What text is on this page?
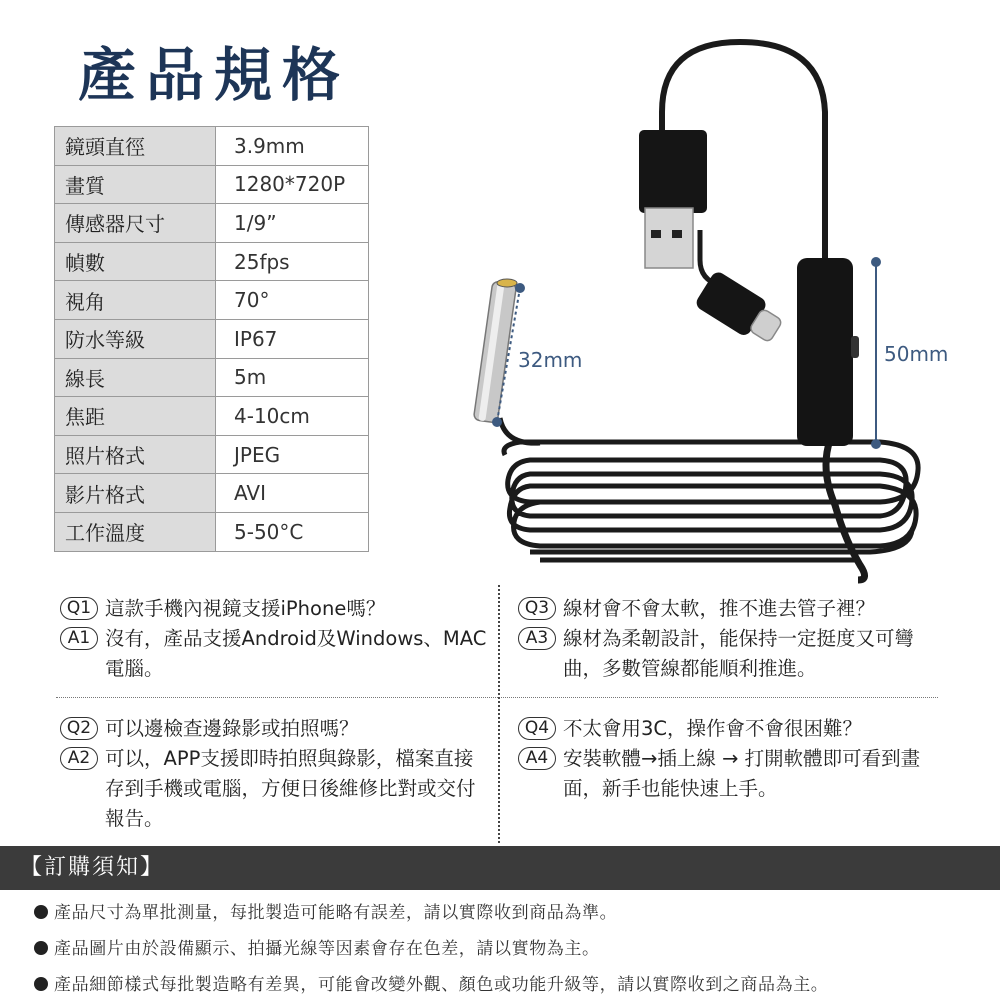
產品規格
鏡頭直徑	3.9mm
畫質	1280*720P
傳感器尺寸	1/9”
幀數	25fps
視角	70°
防水等級	IP67
線長	5m
焦距	4-10cm
照片格式	JPEG
影片格式	AVI
工作溫度	5-50°C
32mm	50mm
Q1 這款手機內視鏡支援iPhone嗎？
A1 沒有，產品支援Android及Windows、MAC電腦。
Q3 線材會不會太軟，推不進去管子裡？
A3 線材為柔韌設計，能保持一定挺度又可彎曲，多數管線都能順利推進。
Q2 可以邊檢查邊錄影或拍照嗎？
A2 可以，APP支援即時拍照與錄影，檔案直接存到手機或電腦，方便日後維修比對或交付報告。
Q4 不太會用3C，操作會不會很困難？
A4 安裝軟體→插上線 → 打開軟體即可看到畫面，新手也能快速上手。
【訂購須知】
產品尺寸為單批測量，每批製造可能略有誤差，請以實際收到商品為準。
產品圖片由於設備顯示、拍攝光線等因素會存在色差，請以實物為主。
產品細節樣式每批製造略有差異，可能會改變外觀、顏色或功能升級等，請以實際收到之商品為主。
